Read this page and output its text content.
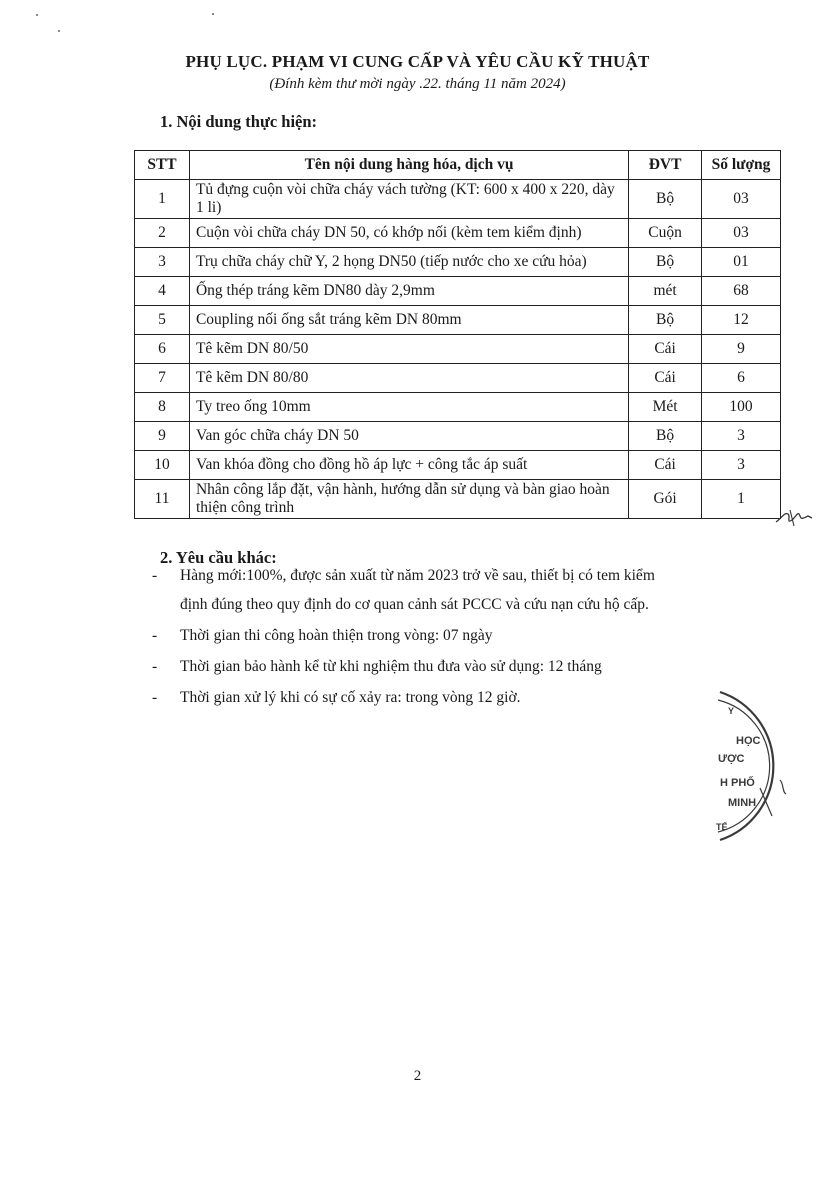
PHỤ LỤC. PHẠM VI CUNG CẤP VÀ YÊU CẦU KỸ THUẬT
(Đính kèm thư mời ngày .22. tháng 11 năm 2024)
1. Nội dung thực hiện:
STT	Tên nội dung hàng hóa, dịch vụ	ĐVT	Số lượng
1	Tủ đựng cuộn vòi chữa cháy vách tường (KT: 600 x 400 x 220, dày 1 li)	Bộ	03
2	Cuộn vòi chữa cháy DN 50, có khớp nối (kèm tem kiểm định)	Cuộn	03
3	Trụ chữa cháy chữ Y, 2 họng DN50 (tiếp nước cho xe cứu hỏa)	Bộ	01
4	Ống thép tráng kẽm DN80 dày 2,9mm	mét	68
5	Coupling nối ống sắt tráng kẽm DN 80mm	Bộ	12
6	Tê kẽm DN 80/50	Cái	9
7	Tê kẽm DN 80/80	Cái	6
8	Ty treo ống 10mm	Mét	100
9	Van góc chữa cháy DN 50	Bộ	3
10	Van khóa đồng cho đồng hồ áp lực + công tắc áp suất	Cái	3
11	Nhân công lắp đặt, vận hành, hướng dẫn sử dụng và bàn giao hoàn thiện công trình	Gói	1
2. Yêu cầu khác:
- Hàng mới:100%, được sản xuất từ năm 2023 trở về sau, thiết bị có tem kiểm
định đúng theo quy định do cơ quan cảnh sát PCCC và cứu nạn cứu hộ cấp.
- Thời gian thi công hoàn thiện trong vòng: 07 ngày
- Thời gian bảo hành kể từ khi nghiệm thu đưa vào sử dụng: 12 tháng
- Thời gian xử lý khi có sự cố xảy ra: trong vòng 12 giờ.
Y
HỌC
ƯỢC
H PHỐ
MINH
TẾ
2
